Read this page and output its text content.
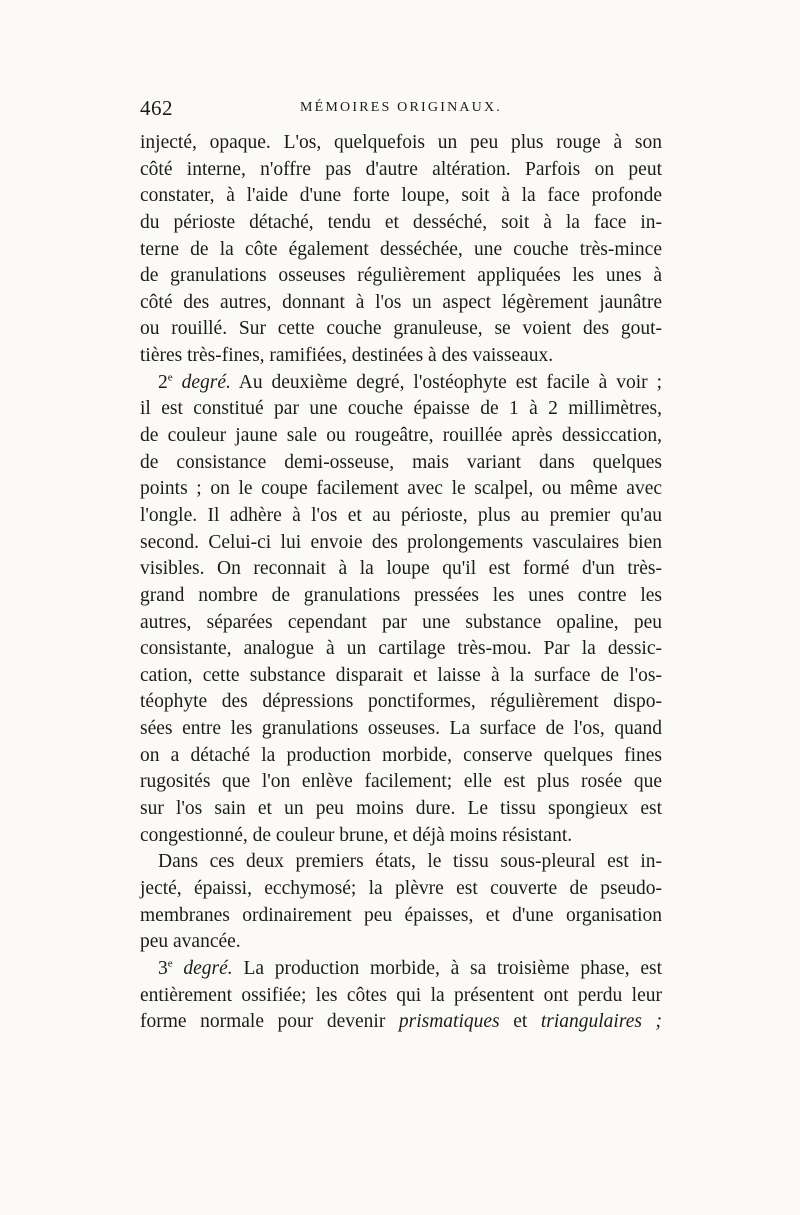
462	MÉMOIRES ORIGINAUX.
injecté, opaque. L'os, quelquefois un peu plus rouge à son
côté interne, n'offre pas d'autre altération. Parfois on peut
constater, à l'aide d'une forte loupe, soit à la face profonde
du périoste détaché, tendu et desséché, soit à la face in-
terne de la côte également desséchée, une couche très-mince
de granulations osseuses régulièrement appliquées les unes à
côté des autres, donnant à l'os un aspect légèrement jaunâtre
ou rouillé. Sur cette couche granuleuse, se voient des gout-
tières très-fines, ramifiées, destinées à des vaisseaux.
2e degré. Au deuxième degré, l'ostéophyte est facile à voir ;
il est constitué par une couche épaisse de 1 à 2 millimètres,
de couleur jaune sale ou rougeâtre, rouillée après dessiccation,
de consistance demi-osseuse, mais variant dans quelques
points ; on le coupe facilement avec le scalpel, ou même avec
l'ongle. Il adhère à l'os et au périoste, plus au premier qu'au
second. Celui-ci lui envoie des prolongements vasculaires bien
visibles. On reconnait à la loupe qu'il est formé d'un très-
grand nombre de granulations pressées les unes contre les
autres, séparées cependant par une substance opaline, peu
consistante, analogue à un cartilage très-mou. Par la dessic-
cation, cette substance disparait et laisse à la surface de l'os-
téophyte des dépressions ponctiformes, régulièrement dispo-
sées entre les granulations osseuses. La surface de l'os, quand
on a détaché la production morbide, conserve quelques fines
rugosités que l'on enlève facilement; elle est plus rosée que
sur l'os sain et un peu moins dure. Le tissu spongieux est
congestionné, de couleur brune, et déjà moins résistant.
Dans ces deux premiers états, le tissu sous-pleural est in-
jecté, épaissi, ecchymosé; la plèvre est couverte de pseudo-
membranes ordinairement peu épaisses, et d'une organisation
peu avancée.
3e degré. La production morbide, à sa troisième phase, est
entièrement ossifiée; les côtes qui la présentent ont perdu leur
forme normale pour devenir prismatiques et triangulaires ;
